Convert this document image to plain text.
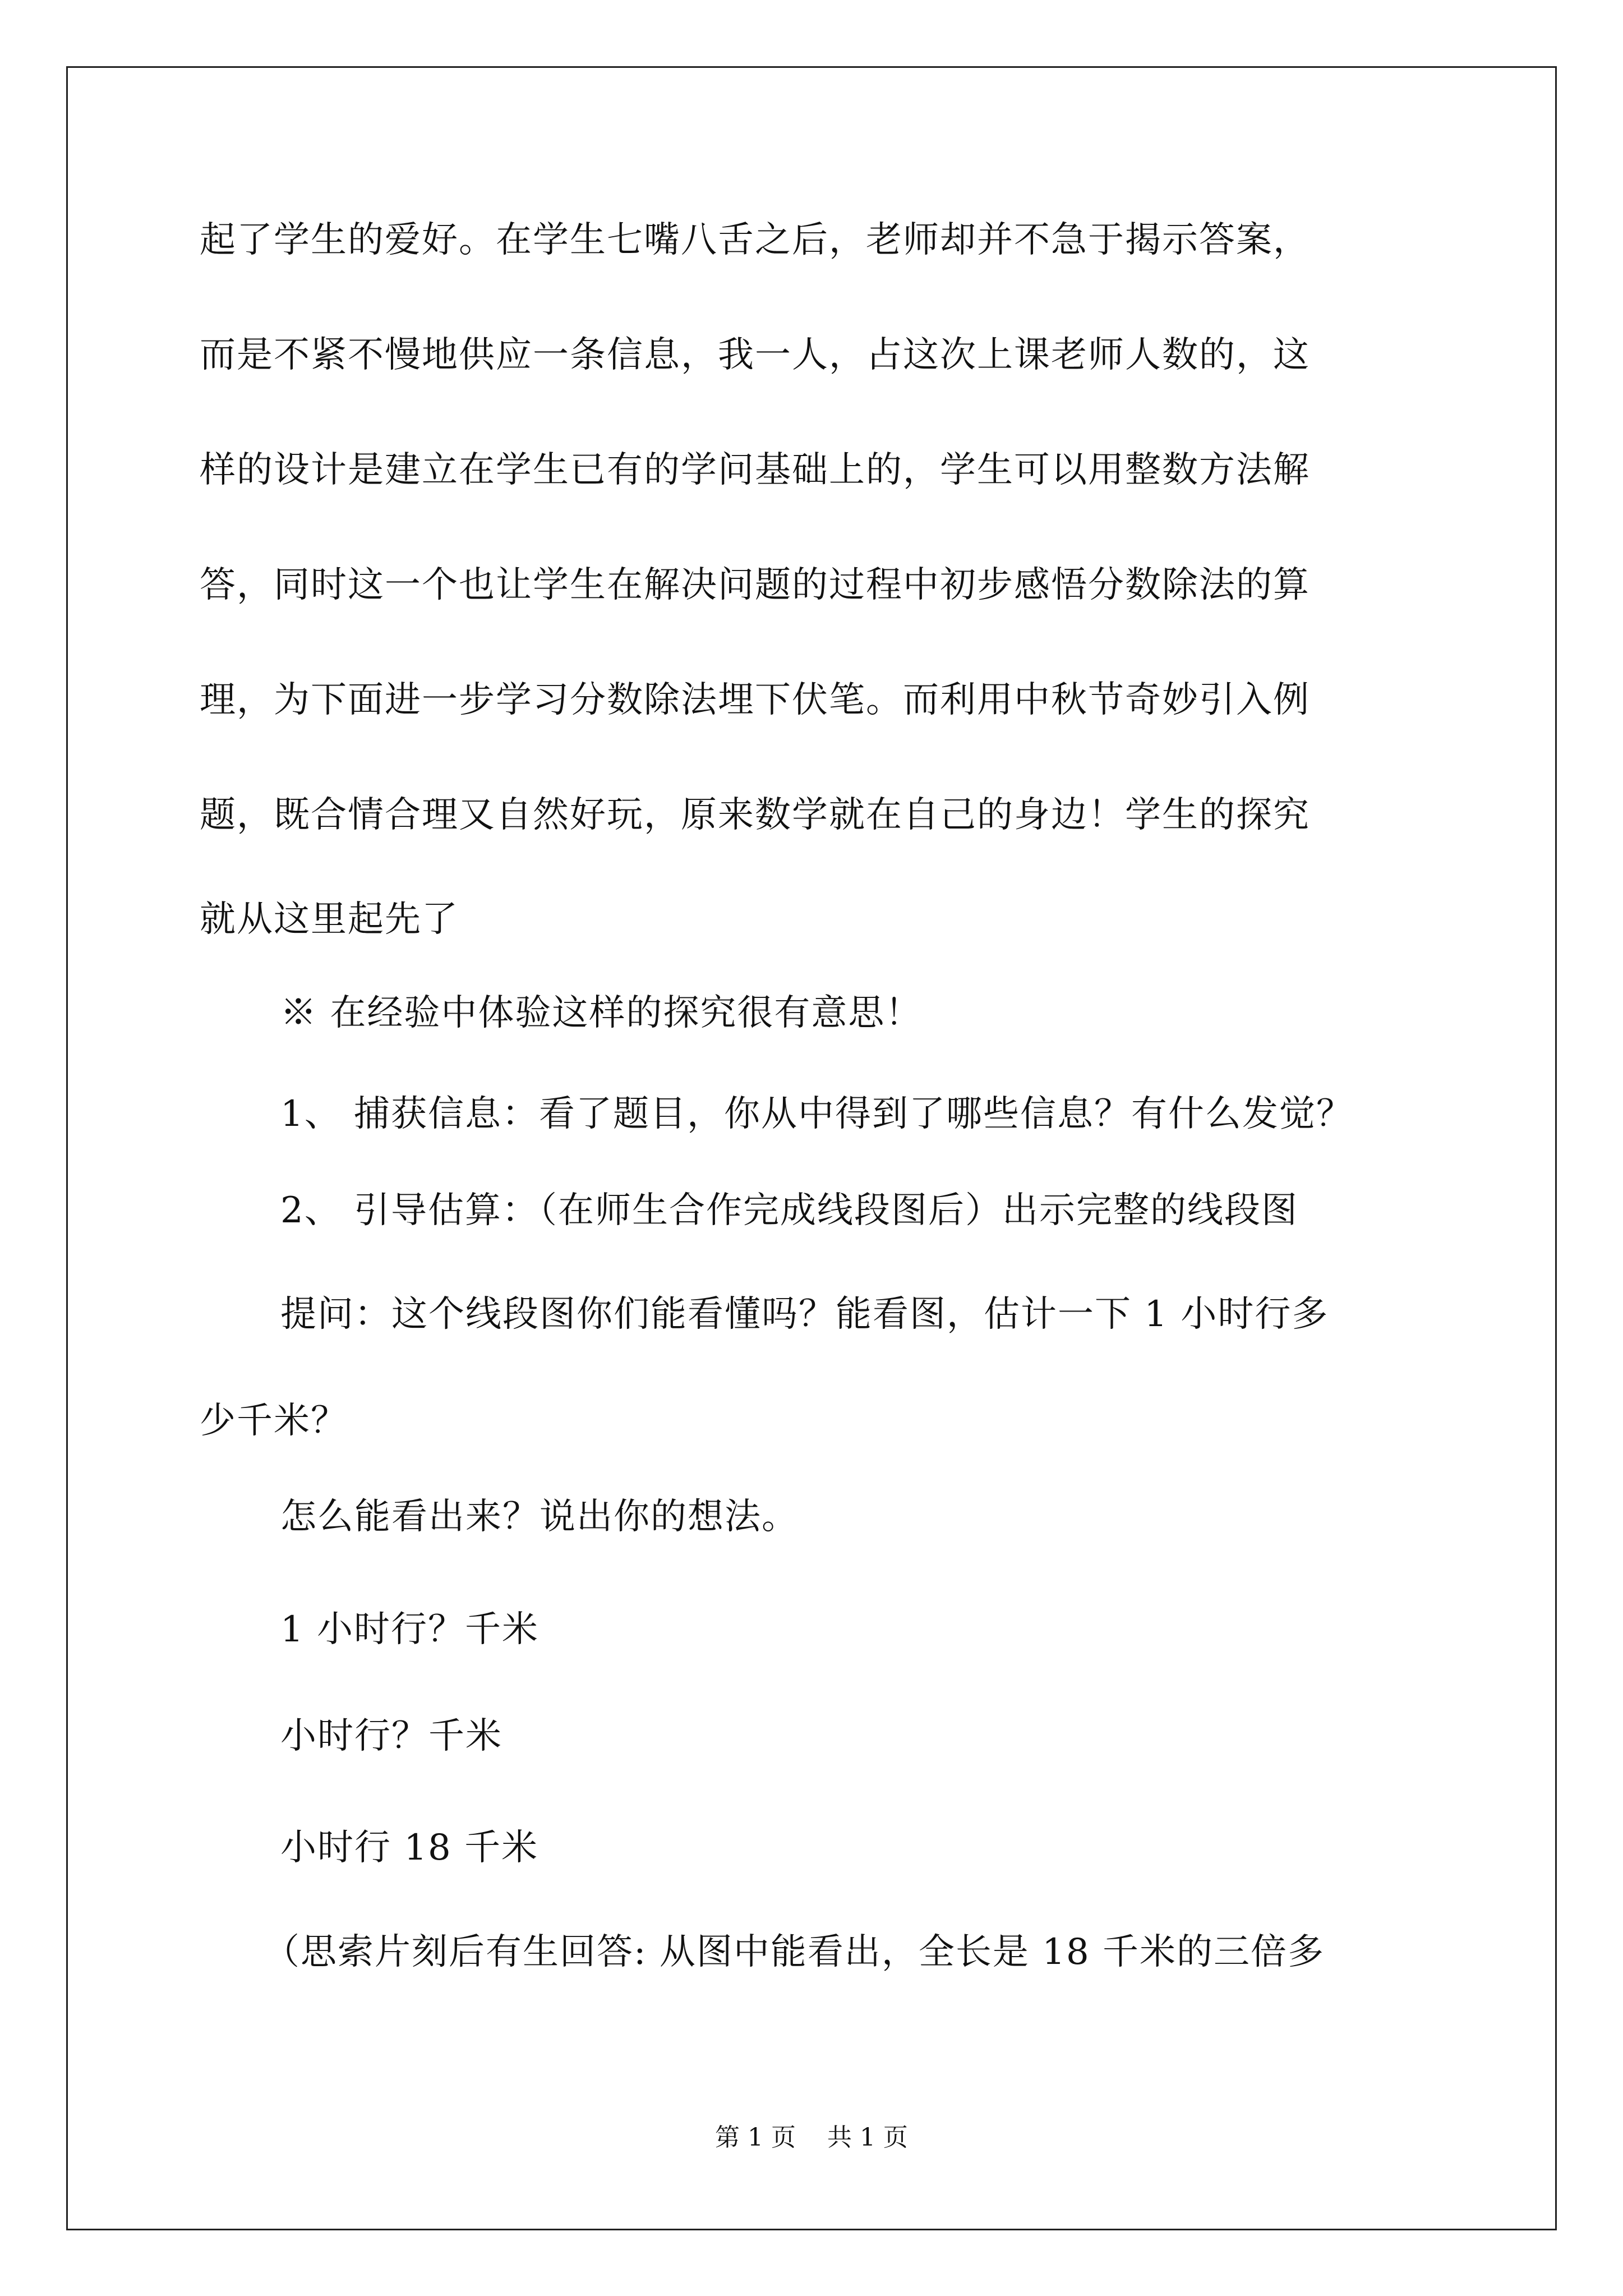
起了学生的爱好。在学生七嘴八舌之后，老师却并不急于揭示答案，
而是不紧不慢地供应一条信息，我一人，占这次上课老师人数的，这
样的设计是建立在学生已有的学问基础上的，学生可以用整数方法解
答，同时这一个也让学生在解决问题的过程中初步感悟分数除法的算
理，为下面进一步学习分数除法埋下伏笔。而利用中秋节奇妙引入例
题，既合情合理又自然好玩，原来数学就在自己的身边！学生的探究
就从这里起先了
※ 在经验中体验这样的探究很有意思！
1、 捕获信息：看了题目，你从中得到了哪些信息？有什么发觉？
2、 引导估算：（在师生合作完成线段图后）出示完整的线段图
提问：这个线段图你们能看懂吗？能看图，估计一下 1 小时行多
少千米？
怎么能看出来？说出你的想法。
1 小时行？千米
小时行？千米
小时行 18 千米
（思索片刻后有生回答: 从图中能看出，全长是 18 千米的三倍多
第 1 页    共 1 页
